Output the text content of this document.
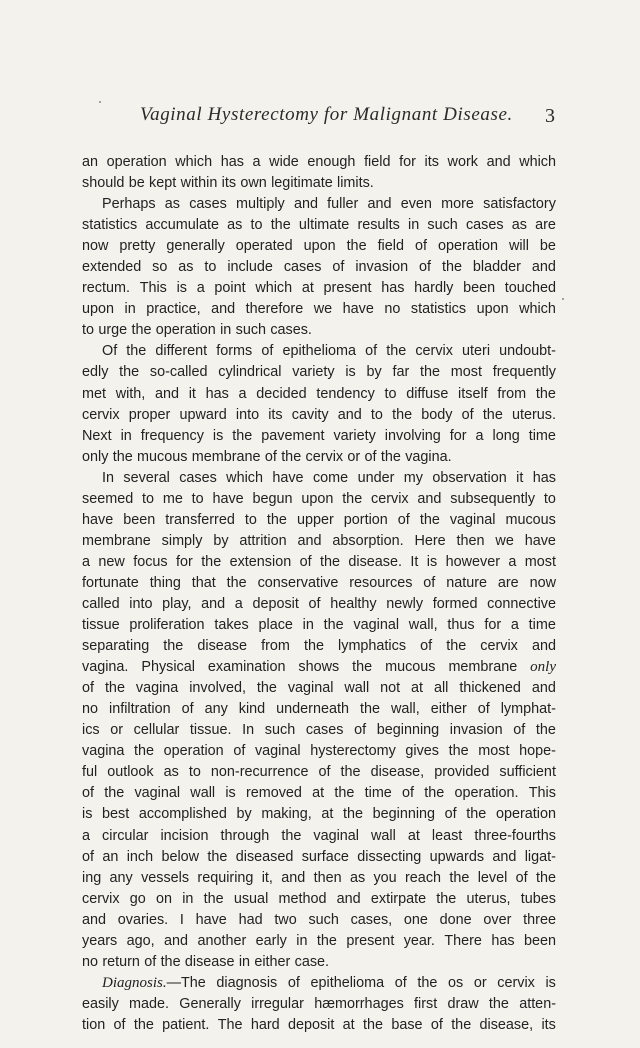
Vaginal Hysterectomy for Malignant Disease. 3
an operation which has a wide enough field for its work and which
should be kept within its own legitimate limits.
Perhaps as cases multiply and fuller and even more satisfactory
statistics accumulate as to the ultimate results in such cases as are
now pretty generally operated upon the field of operation will be
extended so as to include cases of invasion of the bladder and
rectum. This is a point which at present has hardly been touched
upon in practice, and therefore we have no statistics upon which
to urge the operation in such cases.
Of the different forms of epithelioma of the cervix uteri undoubt-
edly the so-called cylindrical variety is by far the most frequently
met with, and it has a decided tendency to diffuse itself from the
cervix proper upward into its cavity and to the body of the uterus.
Next in frequency is the pavement variety involving for a long time
only the mucous membrane of the cervix or of the vagina.
In several cases which have come under my observation it has
seemed to me to have begun upon the cervix and subsequently to
have been transferred to the upper portion of the vaginal mucous
membrane simply by attrition and absorption. Here then we have
a new focus for the extension of the disease. It is however a most
fortunate thing that the conservative resources of nature are now
called into play, and a deposit of healthy newly formed connective
tissue proliferation takes place in the vaginal wall, thus for a time
separating the disease from the lymphatics of the cervix and
vagina. Physical examination shows the mucous membrane only
of the vagina involved, the vaginal wall not at all thickened and
no infiltration of any kind underneath the wall, either of lymphat-
ics or cellular tissue. In such cases of beginning invasion of the
vagina the operation of vaginal hysterectomy gives the most hope-
ful outlook as to non-recurrence of the disease, provided sufficient
of the vaginal wall is removed at the time of the operation. This
is best accomplished by making, at the beginning of the operation
a circular incision through the vaginal wall at least three-fourths
of an inch below the diseased surface dissecting upwards and ligat-
ing any vessels requiring it, and then as you reach the level of the
cervix go on in the usual method and extirpate the uterus, tubes
and ovaries. I have had two such cases, one done over three
years ago, and another early in the present year. There has been
no return of the disease in either case.
Diagnosis.—The diagnosis of epithelioma of the os or cervix is
easily made. Generally irregular hæmorrhages first draw the atten-
tion of the patient. The hard deposit at the base of the disease, its
